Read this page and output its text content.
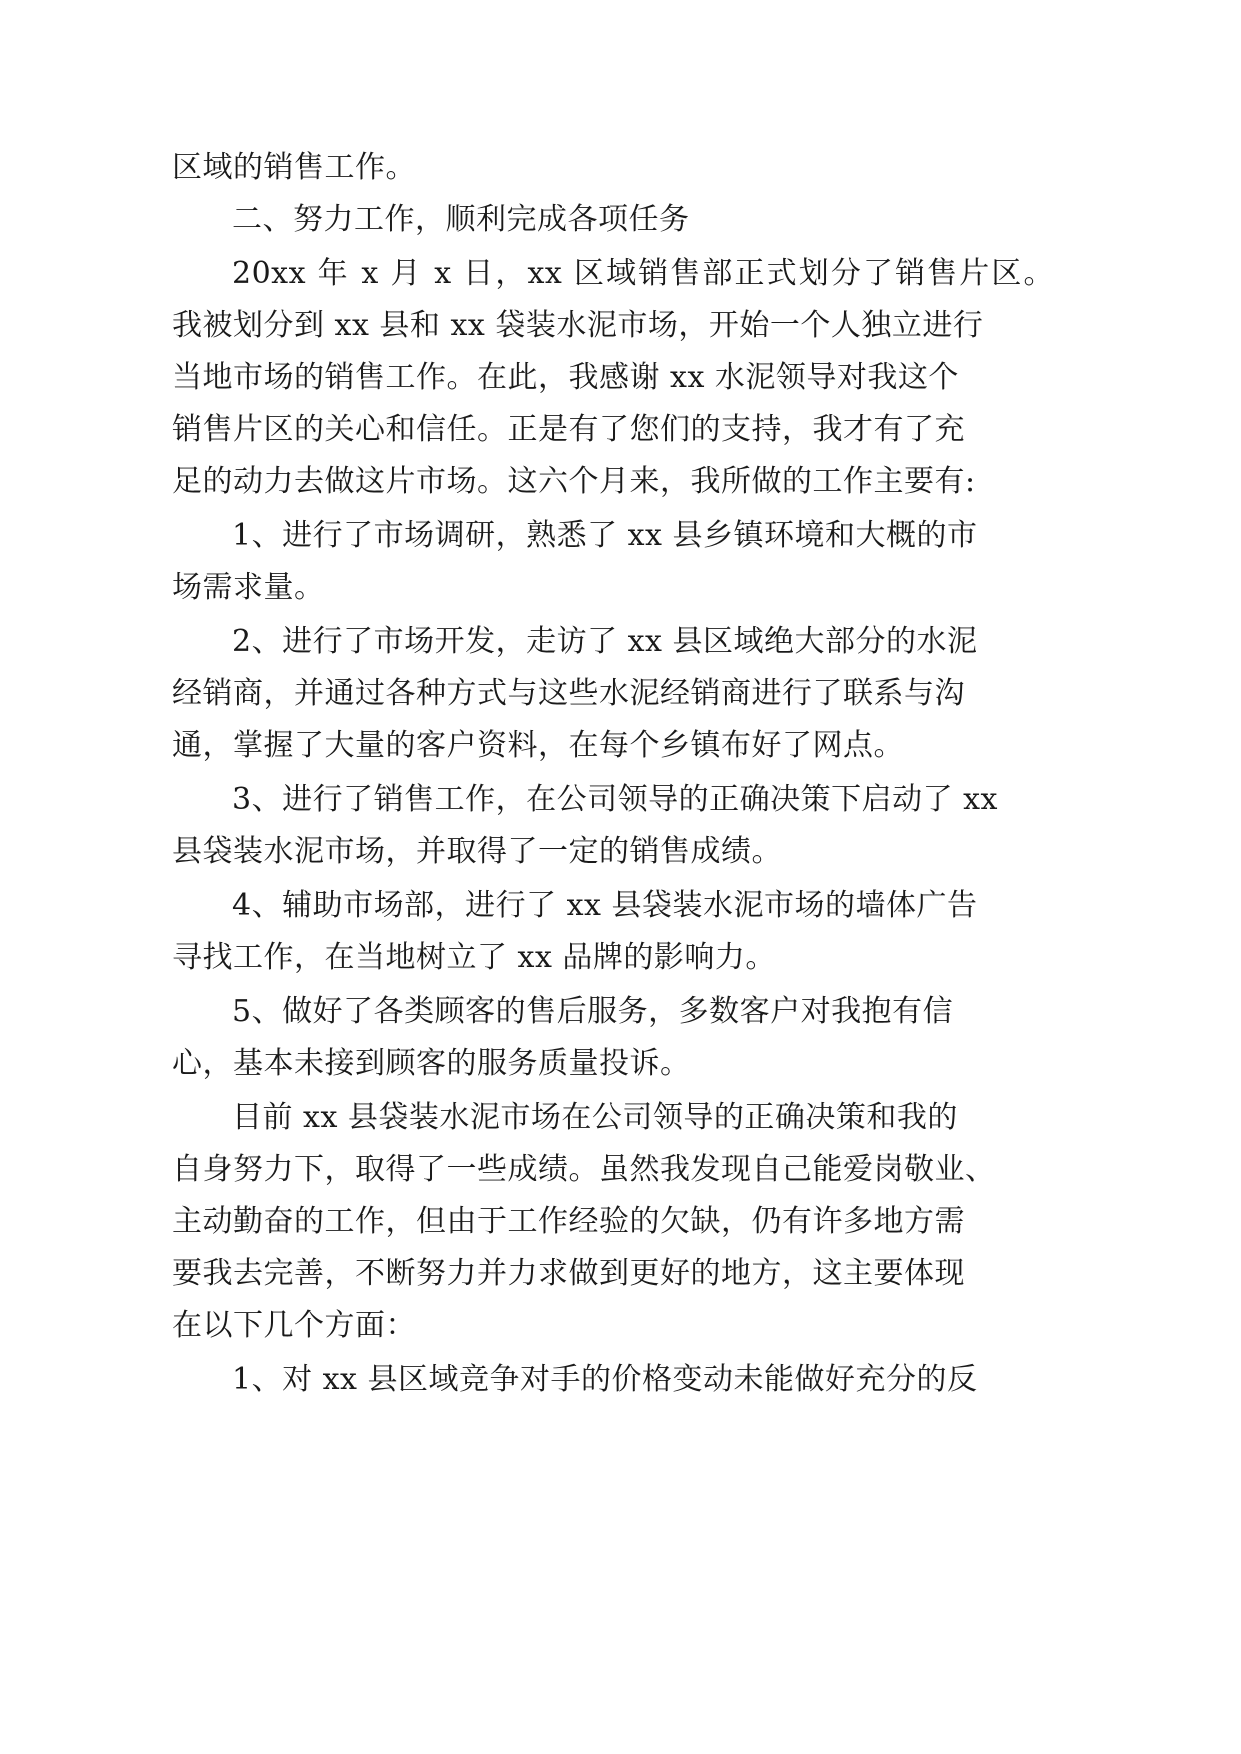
区域的销售工作。
二、努力工作，顺利完成各项任务
20xx 年 x 月 x 日，xx 区域销售部正式划分了销售片区。
我被划分到 xx 县和 xx 袋装水泥市场，开始一个人独立进行
当地市场的销售工作。在此，我感谢 xx 水泥领导对我这个
销售片区的关心和信任。正是有了您们的支持，我才有了充
足的动力去做这片市场。这六个月来，我所做的工作主要有:
1、进行了市场调研，熟悉了 xx 县乡镇环境和大概的市
场需求量。
2、进行了市场开发，走访了 xx 县区域绝大部分的水泥
经销商，并通过各种方式与这些水泥经销商进行了联系与沟
通，掌握了大量的客户资料，在每个乡镇布好了网点。
3、进行了销售工作，在公司领导的正确决策下启动了 xx
县袋装水泥市场，并取得了一定的销售成绩。
4、辅助市场部，进行了 xx 县袋装水泥市场的墙体广告
寻找工作，在当地树立了 xx 品牌的影响力。
5、做好了各类顾客的售后服务，多数客户对我抱有信
心，基本未接到顾客的服务质量投诉。
目前 xx 县袋装水泥市场在公司领导的正确决策和我的
自身努力下，取得了一些成绩。虽然我发现自己能爱岗敬业、
主动勤奋的工作，但由于工作经验的欠缺，仍有许多地方需
要我去完善，不断努力并力求做到更好的地方，这主要体现
在以下几个方面：
1、对 xx 县区域竞争对手的价格变动未能做好充分的反
